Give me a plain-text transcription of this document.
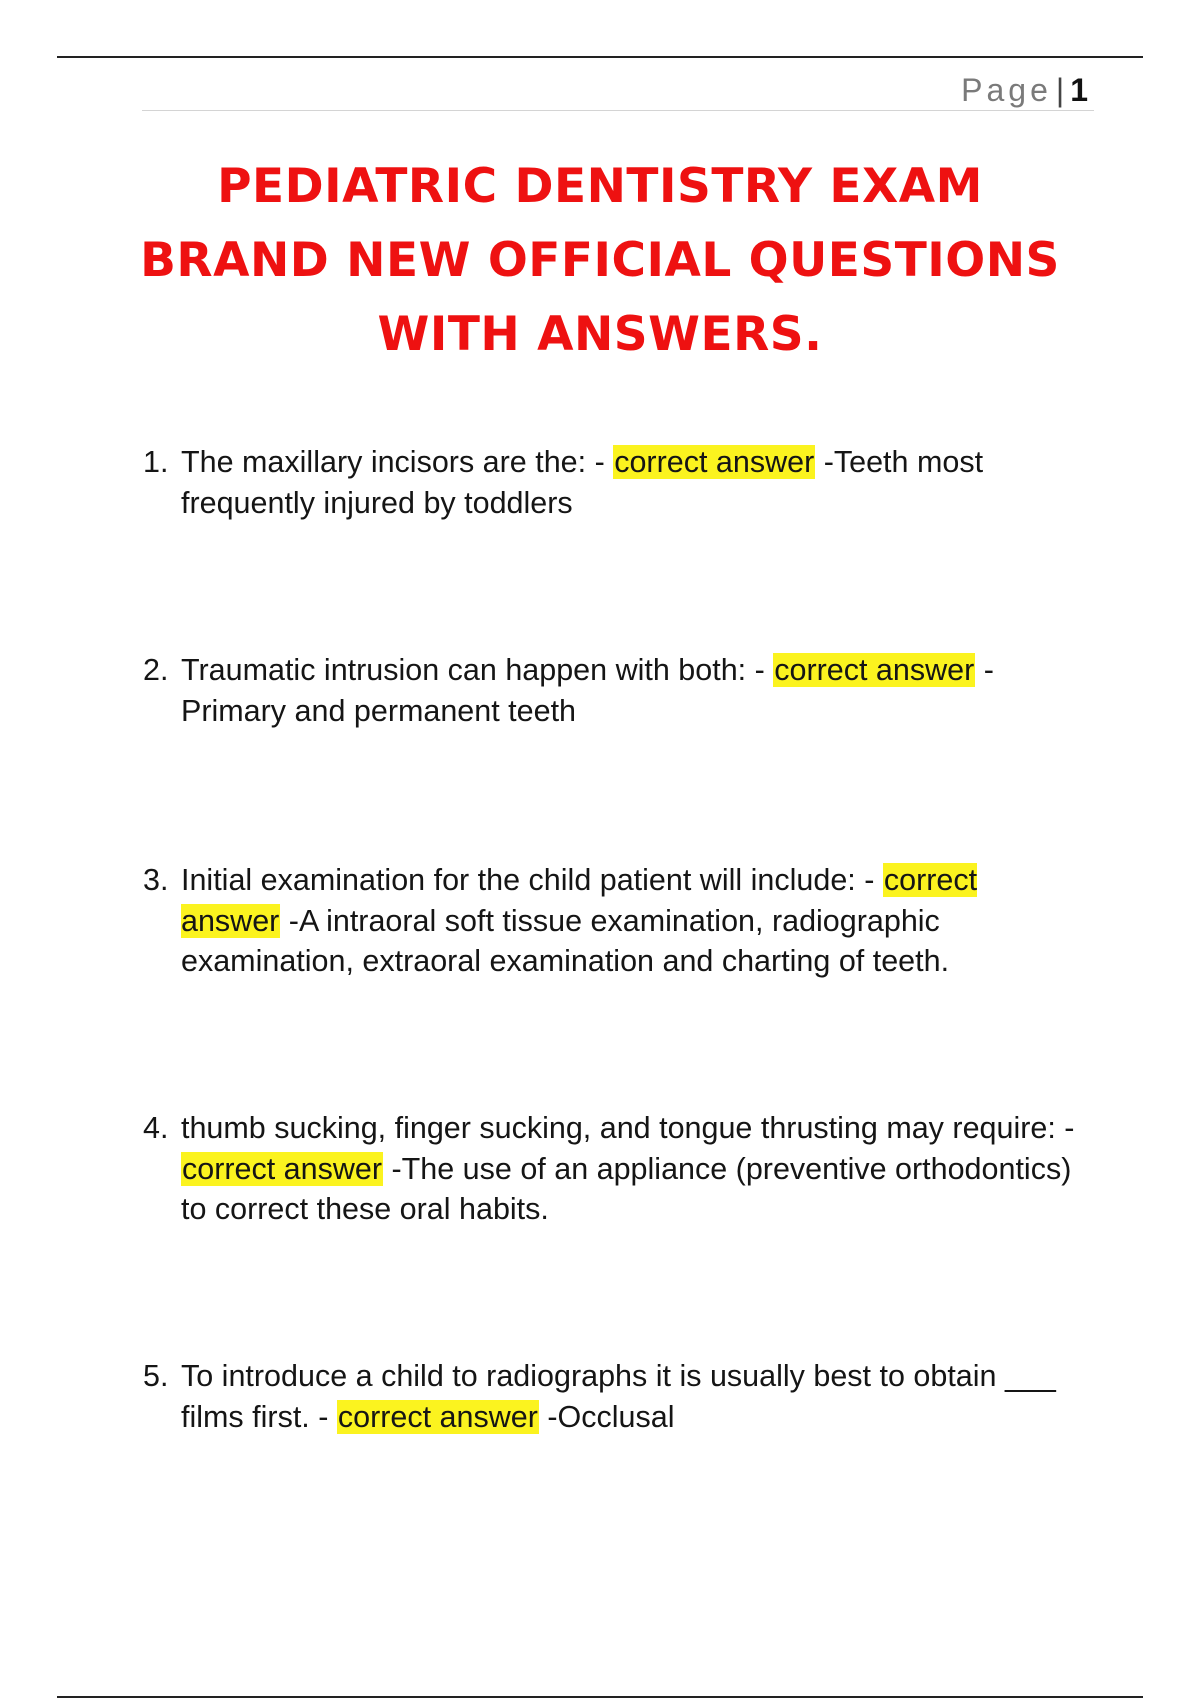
Page | 1
PEDIATRIC DENTISTRY EXAM
BRAND NEW OFFICIAL QUESTIONS
WITH ANSWERS.
1. The maxillary incisors are the: - correct answer -Teeth most frequently injured by toddlers
2. Traumatic intrusion can happen with both: - correct answer - Primary and permanent teeth
3. Initial examination for the child patient will include: - correct answer -A intraoral soft tissue examination, radiographic examination, extraoral examination and charting of teeth.
4. thumb sucking, finger sucking, and tongue thrusting may require: - correct answer -The use of an appliance (preventive orthodontics) to correct these oral habits.
5. To introduce a child to radiographs it is usually best to obtain ___ films first. - correct answer -Occlusal
